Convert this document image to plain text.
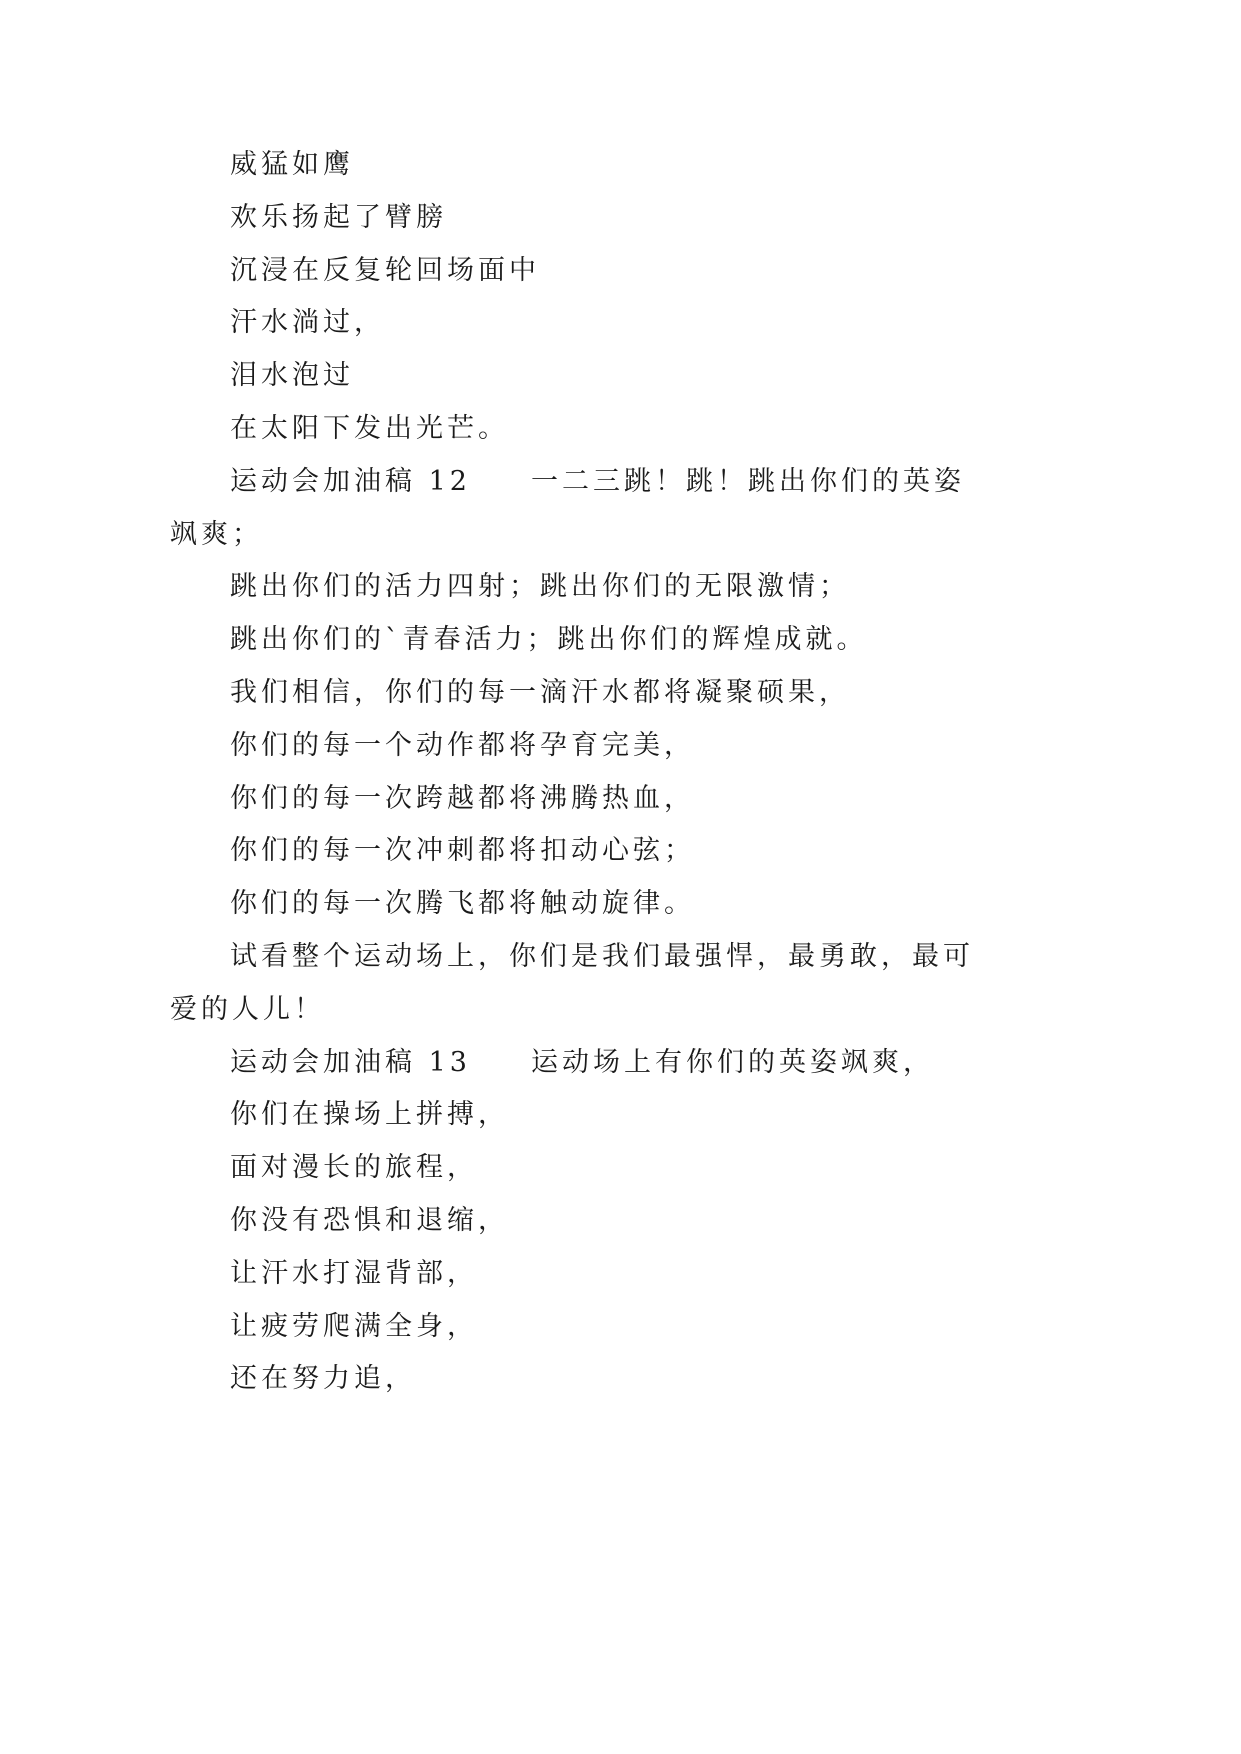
威猛如鹰

欢乐扬起了臂膀

沉浸在反复轮回场面中

汗水淌过，

泪水泡过

在太阳下发出光芒。

运动会加油稿 12 一二三跳！跳！跳出你们的英姿

飒爽；

跳出你们的活力四射；跳出你们的无限激情；

跳出你们的`青春活力；跳出你们的辉煌成就。

我们相信，你们的每一滴汗水都将凝聚硕果，

你们的每一个动作都将孕育完美，

你们的每一次跨越都将沸腾热血，

你们的每一次冲刺都将扣动心弦；

你们的每一次腾飞都将触动旋律。

试看整个运动场上，你们是我们最强悍，最勇敢，最可

爱的人儿！

运动会加油稿 13 运动场上有你们的英姿飒爽，

你们在操场上拼搏，

面对漫长的旅程，

你没有恐惧和退缩，

让汗水打湿背部，

让疲劳爬满全身，

还在努力追，
